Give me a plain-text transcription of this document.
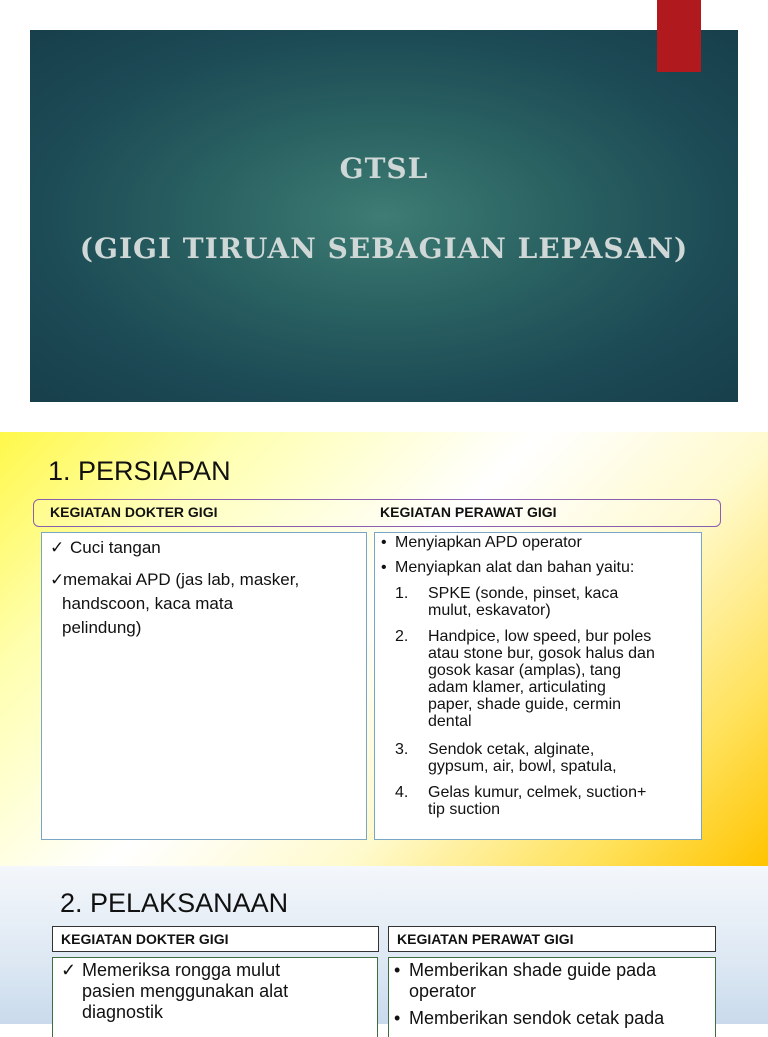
GTSL
(GIGI TIRUAN SEBAGIAN LEPASAN)
1. PERSIAPAN
KEGIATAN DOKTER GIGI	KEGIATAN PERAWAT GIGI
✓ Cuci tangan
✓
memakai APD (jas lab, masker,
handscoon, kaca mata
pelindung)
• Menyiapkan APD operator
• Menyiapkan alat dan bahan yaitu:
1. SPKE (sonde, pinset, kaca
mulut, eskavator)
2. Handpice, low speed, bur poles
atau stone bur, gosok halus dan
gosok kasar (amplas), tang
adam klamer, articulating
paper, shade guide, cermin
dental
3. Sendok cetak, alginate,
gypsum, air, bowl, spatula,
4. Gelas kumur, celmek, suction+
tip suction
2. PELAKSANAAN
KEGIATAN DOKTER GIGI	KEGIATAN PERAWAT GIGI
✓ Memeriksa rongga mulut
pasien menggunakan alat
diagnostik
• Memberikan shade guide pada
operator
• Memberikan sendok cetak pada
